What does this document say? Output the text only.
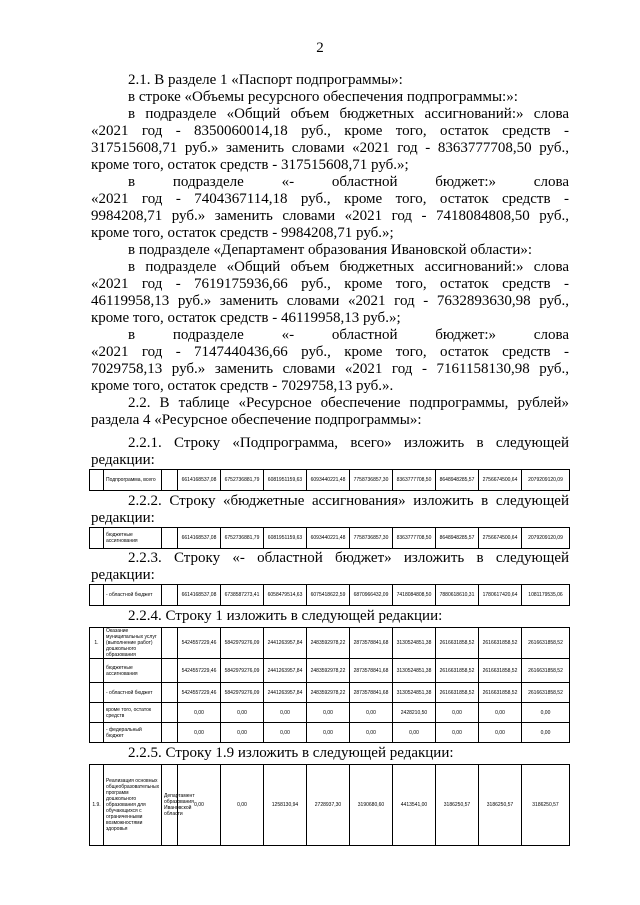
2
2.1. В разделе 1 «Паспорт подпрограммы»:
в строке «Объемы ресурсного обеспечения подпрограммы:»:
в подразделе «Общий объем бюджетных ассигнований:» слова
«2021 год - 8350060014,18 руб., кроме того, остаток средств -
317515608,71 руб.» заменить словами «2021 год - 8363777708,50 руб.,
кроме того, остаток средств - 317515608,71 руб.»;
в подразделе «- областной бюджет:» слова
«2021 год - 7404367114,18 руб., кроме того, остаток средств -
9984208,71 руб.» заменить словами «2021 год - 7418084808,50 руб.,
кроме того, остаток средств - 9984208,71 руб.»;
в подразделе «Департамент образования Ивановской области»:
в подразделе «Общий объем бюджетных ассигнований:» слова
«2021 год - 7619175936,66 руб., кроме того, остаток средств -
46119958,13 руб.» заменить словами «2021 год - 7632893630,98 руб.,
кроме того, остаток средств - 46119958,13 руб.»;
в подразделе «- областной бюджет:» слова
«2021 год - 7147440436,66 руб., кроме того, остаток средств -
7029758,13 руб.» заменить словами «2021 год - 7161158130,98 руб.,
кроме того, остаток средств - 7029758,13 руб.».
2.2. В таблице «Ресурсное обеспечение подпрограммы, рублей»
раздела 4 «Ресурсное обеспечение подпрограммы»:
2.2.1. Строку «Подпрограмма, всего» изложить в следующей
редакции:
	Подпрограмма, всего		6614168537,08	6752736881,79	6081951159,63	6093440221,48	7758736857,30	8363777708,50	8648948285,57	2756674500,64	2079209120,09
2.2.2. Строку «бюджетные ассигнования» изложить в следующей
редакции:
	бюджетные ассигнования		6614168537,08	6752736881,79	6081951159,63	6093440221,48	7758736857,30	8363777708,50	8648948285,57	2756674500,64	2079209120,09
2.2.3. Строку «- областной бюджет» изложить в следующей
редакции:
	- областной бюджет		6614168537,08	6738587273,41	6058479514,63	6075418622,59	6870966432,09	7418084808,50	7880618610,31	1780617420,64	1081179535,06
2.2.4. Строку 1 изложить в следующей редакции:
1.	Оказание муниципальных услуг (выполнение работ) дошкольного образования		5424557229,46	5842979276,09	2441263957,84	2483592978,22	2873578841,68	3130524851,38	2616631858,52	2616631858,52	2616631858,52
	бюджетные ассигнования		5424557229,46	5842979276,09	2441263957,84	2483592978,22	2873578841,68	3130524851,38	2616631858,52	2616631858,52	2616631858,52
	- областной бюджет		5424557229,46	5842979276,09	2441263957,84	2483592978,22	2873578841,68	3130524851,38	2616631858,52	2616631858,52	2616631858,52
	кроме того, остаток средств		0,00	0,00	0,00	0,00	0,00	2428210,50	0,00	0,00	0,00
	- федеральный бюджет		0,00	0,00	0,00	0,00	0,00	0,00	0,00	0,00	0,00
2.2.5. Строку 1.9 изложить в следующей редакции:
1.9.	Реализация основных общеобразовательных программ дошкольного образования для обучающихся с ограниченными возможностями здоровья	Департамент образования Ивановской области	0,00	0,00	1258130,94	2728937,30	3190680,60	4413541,00	3186250,57	3186250,57	3186250,57
